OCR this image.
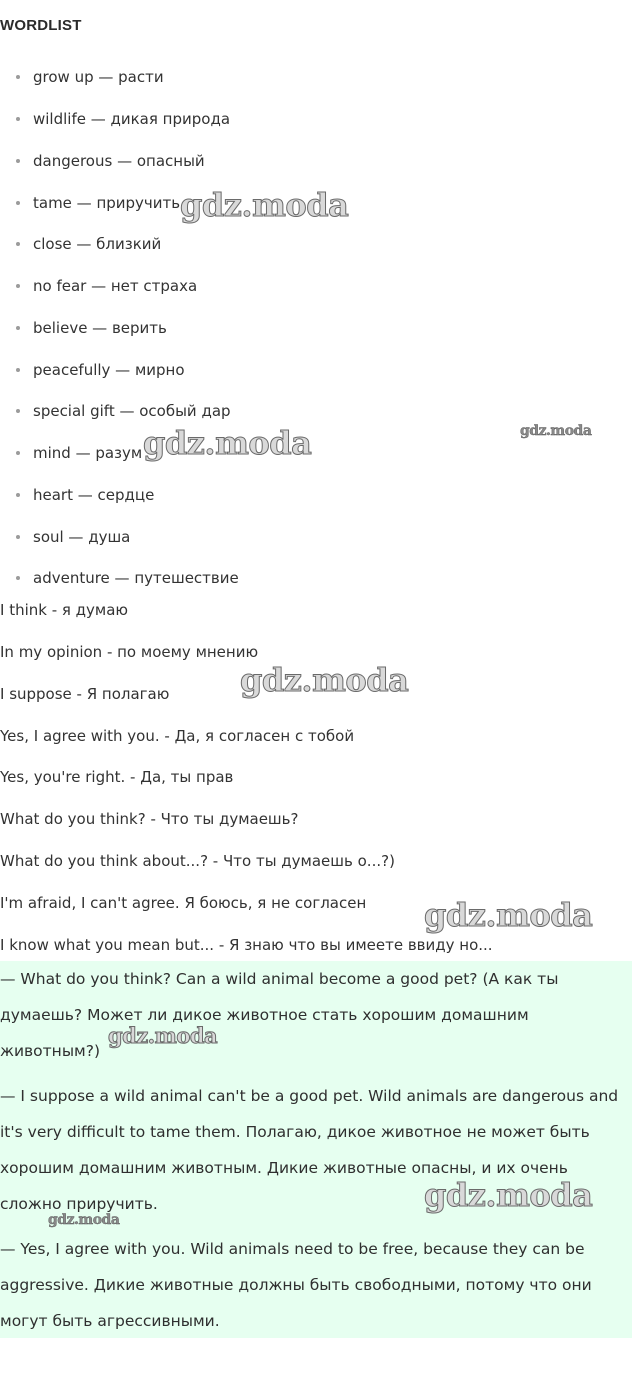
WORDLIST
grow up — расти
wildlife — дикая природа
dangerous — опасный
tame — приручить
close — близкий
no fear — нет страха
believe — верить
peacefully — мирно
special gift — особый дар
mind — разум
heart — сердце
soul — душа
adventure — путешествие
I think - я думаю
In my opinion - по моему мнению
I suppose - Я полагаю
Yes, I agree with you. - Да, я согласен с тобой
Yes, you're right. - Да, ты прав
What do you think? - Что ты думаешь?
What do you think about...? - Что ты думаешь о...?)
I'm afraid, I can't agree. Я боюсь, я не согласен
I know what you mean but... - Я знаю что вы имеете ввиду но...
— What do you think? Can a wild animal become a good pet? (А как ты думаешь? Может ли дикое животное стать хорошим домашним животным?)
— I suppose a wild animal can't be a good pet. Wild animals are dangerous and it's very difficult to tame them. Полагаю, дикое животное не может быть хорошим домашним животным. Дикие животные опасны, и их очень сложно приручить.
— Yes, I agree with you. Wild animals need to be free, because they can be aggressive. Дикие животные должны быть свободными, потому что они могут быть агрессивными.
gdz.moda
gdz.moda	gdz.moda
gdz.moda
gdz.moda
gdz.moda
gdz.moda
gdz.moda
